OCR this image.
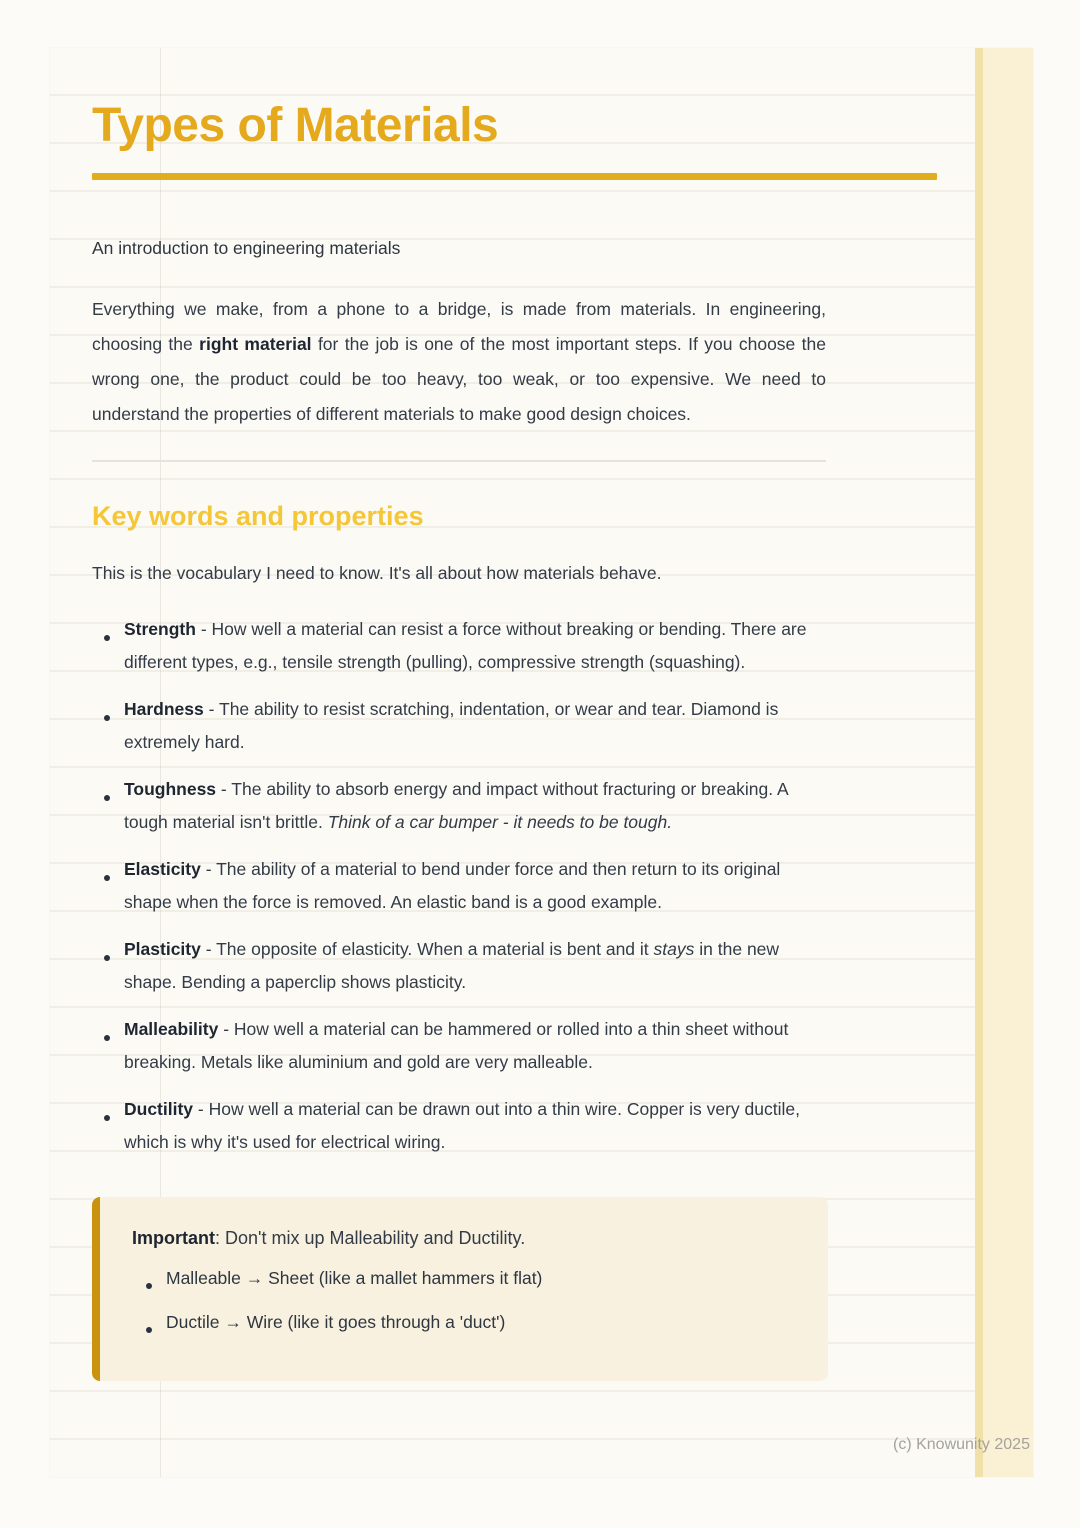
Types of Materials

An introduction to engineering materials

Everything we make, from a phone to a bridge, is made from materials. In engineering, choosing the right material for the job is one of the most important steps. If you choose the wrong one, the product could be too heavy, too weak, or too expensive. We need to understand the properties of different materials to make good design choices.

Key words and properties

This is the vocabulary I need to know. It's all about how materials behave.

Strength - How well a material can resist a force without breaking or bending. There are different types, e.g., tensile strength (pulling), compressive strength (squashing).
Hardness - The ability to resist scratching, indentation, or wear and tear. Diamond is extremely hard.
Toughness - The ability to absorb energy and impact without fracturing or breaking. A tough material isn't brittle. Think of a car bumper - it needs to be tough.
Elasticity - The ability of a material to bend under force and then return to its original shape when the force is removed. An elastic band is a good example.
Plasticity - The opposite of elasticity. When a material is bent and it stays in the new shape. Bending a paperclip shows plasticity.
Malleability - How well a material can be hammered or rolled into a thin sheet without breaking. Metals like aluminium and gold are very malleable.
Ductility - How well a material can be drawn out into a thin wire. Copper is very ductile, which is why it's used for electrical wiring.

Important: Don't mix up Malleability and Ductility.

Malleable → Sheet (like a mallet hammers it flat)
Ductile → Wire (like it goes through a 'duct')
(c) Knowunity 2025
